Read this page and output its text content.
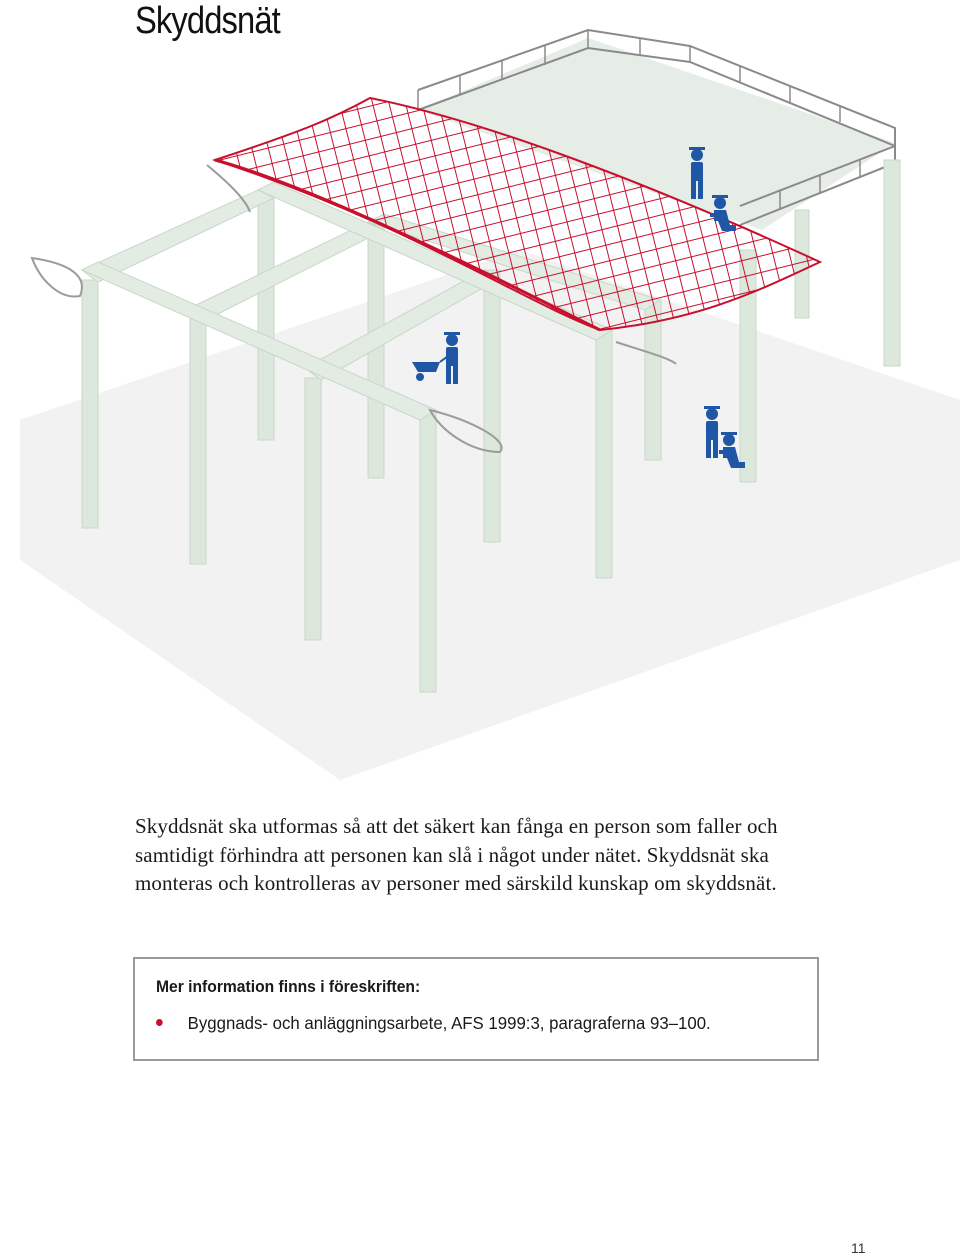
Skyddsnät

Skyddsnät ska utformas så att det säkert kan fånga en person som faller och samtidigt förhindra att personen kan slå i något under nätet. Skyddsnät ska monteras och kontrolleras av personer med särskild kunskap om skyddsnät.

Mer information finns i föreskriften:

Byggnads- och anläggningsarbete, AFS 1999:3, paragraferna 93–100.
11
